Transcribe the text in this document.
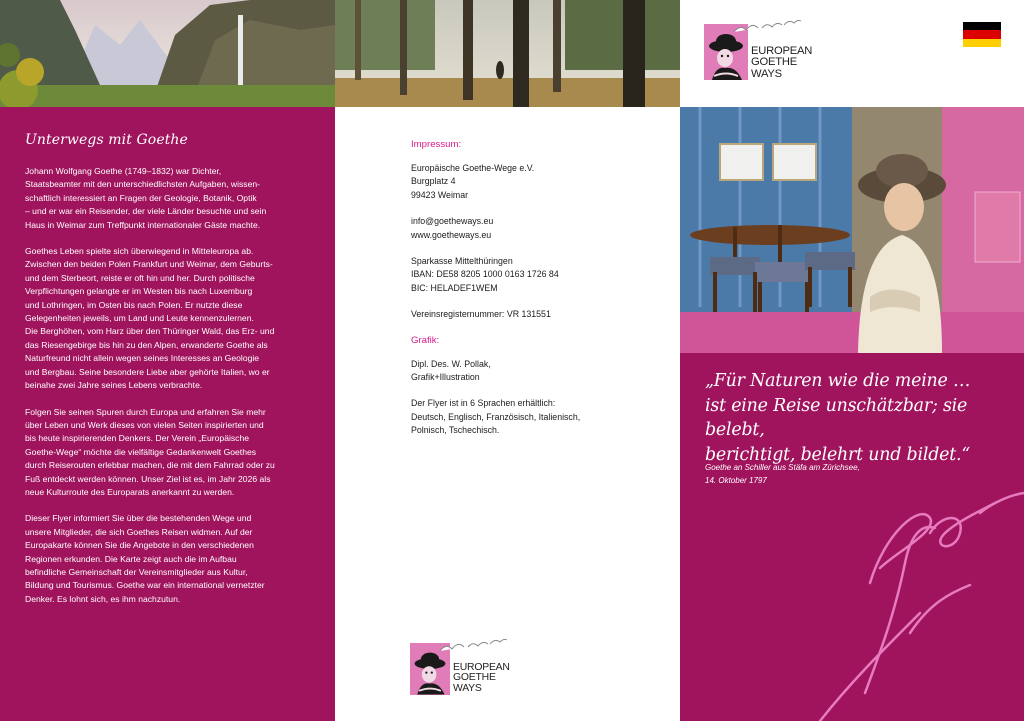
Unterwegs mit Goethe

Johann Wolfgang Goethe (1749–1832) war Dichter,
Staatsbeamter mit den unterschiedlichsten Aufgaben, wissen-
schaftlich interessiert an Fragen der Geologie, Botanik, Optik
– und er war ein Reisender, der viele Länder besuchte und sein
Haus in Weimar zum Treffpunkt internationaler Gäste machte.

Goethes Leben spielte sich überwiegend in Mitteleuropa ab.
Zwischen den beiden Polen Frankfurt und Weimar, dem Geburts-
und dem Sterbeort, reiste er oft hin und her. Durch politische
Verpflichtungen gelangte er im Westen bis nach Luxemburg
und Lothringen, im Osten bis nach Polen. Er nutzte diese
Gelegenheiten jeweils, um Land und Leute kennenzulernen.
Die Berghöhen, vom Harz über den Thüringer Wald, das Erz- und
das Riesengebirge bis hin zu den Alpen, erwanderte Goethe als
Naturfreund nicht allein wegen seines Interesses an Geologie
und Bergbau. Seine besondere Liebe aber gehörte Italien, wo er
beinahe zwei Jahre seines Lebens verbrachte.

Folgen Sie seinen Spuren durch Europa und erfahren Sie mehr
über Leben und Werk dieses von vielen Seiten inspirierten und
bis heute inspirierenden Denkers. Der Verein „Europäische
Goethe-Wege“ möchte die vielfältige Gedankenwelt Goethes
durch Reiserouten erlebbar machen, die mit dem Fahrrad oder zu
Fuß entdeckt werden können. Unser Ziel ist es, im Jahr 2026 als
neue Kulturroute des Europarats anerkannt zu werden.

Dieser Flyer informiert Sie über die bestehenden Wege und
unsere Mitglieder, die sich Goethes Reisen widmen. Auf der
Europakarte können Sie die Angebote in den verschiedenen
Regionen erkunden. Die Karte zeigt auch die im Aufbau
befindliche Gemeinschaft der Vereinsmitglieder aus Kultur,
Bildung und Tourismus. Goethe war ein international vernetzter
Denker. Es lohnt sich, es ihm nachzutun.

Impressum:
Europäische Goethe-Wege e.V.
Burgplatz 4
99423 Weimar
info@goetheways.eu
www.goetheways.eu
Sparkasse Mittelthüringen
IBAN: DE58 8205 1000 0163 1726 84
BIC: HELADEF1WEM
Vereinsregisternummer: VR 131551
Grafik:
Dipl. Des. W. Pollak,
Grafik+Illustration
Der Flyer ist in 6 Sprachen erhältlich:
Deutsch, Englisch, Französisch, Italienisch,
Polnisch, Tschechisch.
EUROPEAN
GOETHE
WAYS
„Für Naturen wie die meine …
ist eine Reise unschätzbar; sie belebt,
berichtigt, belehrt und bildet.“
Goethe an Schiller aus Stäfa am Zürichsee,
14. Oktober 1797
EUROPEAN
GOETHE
WAYS
